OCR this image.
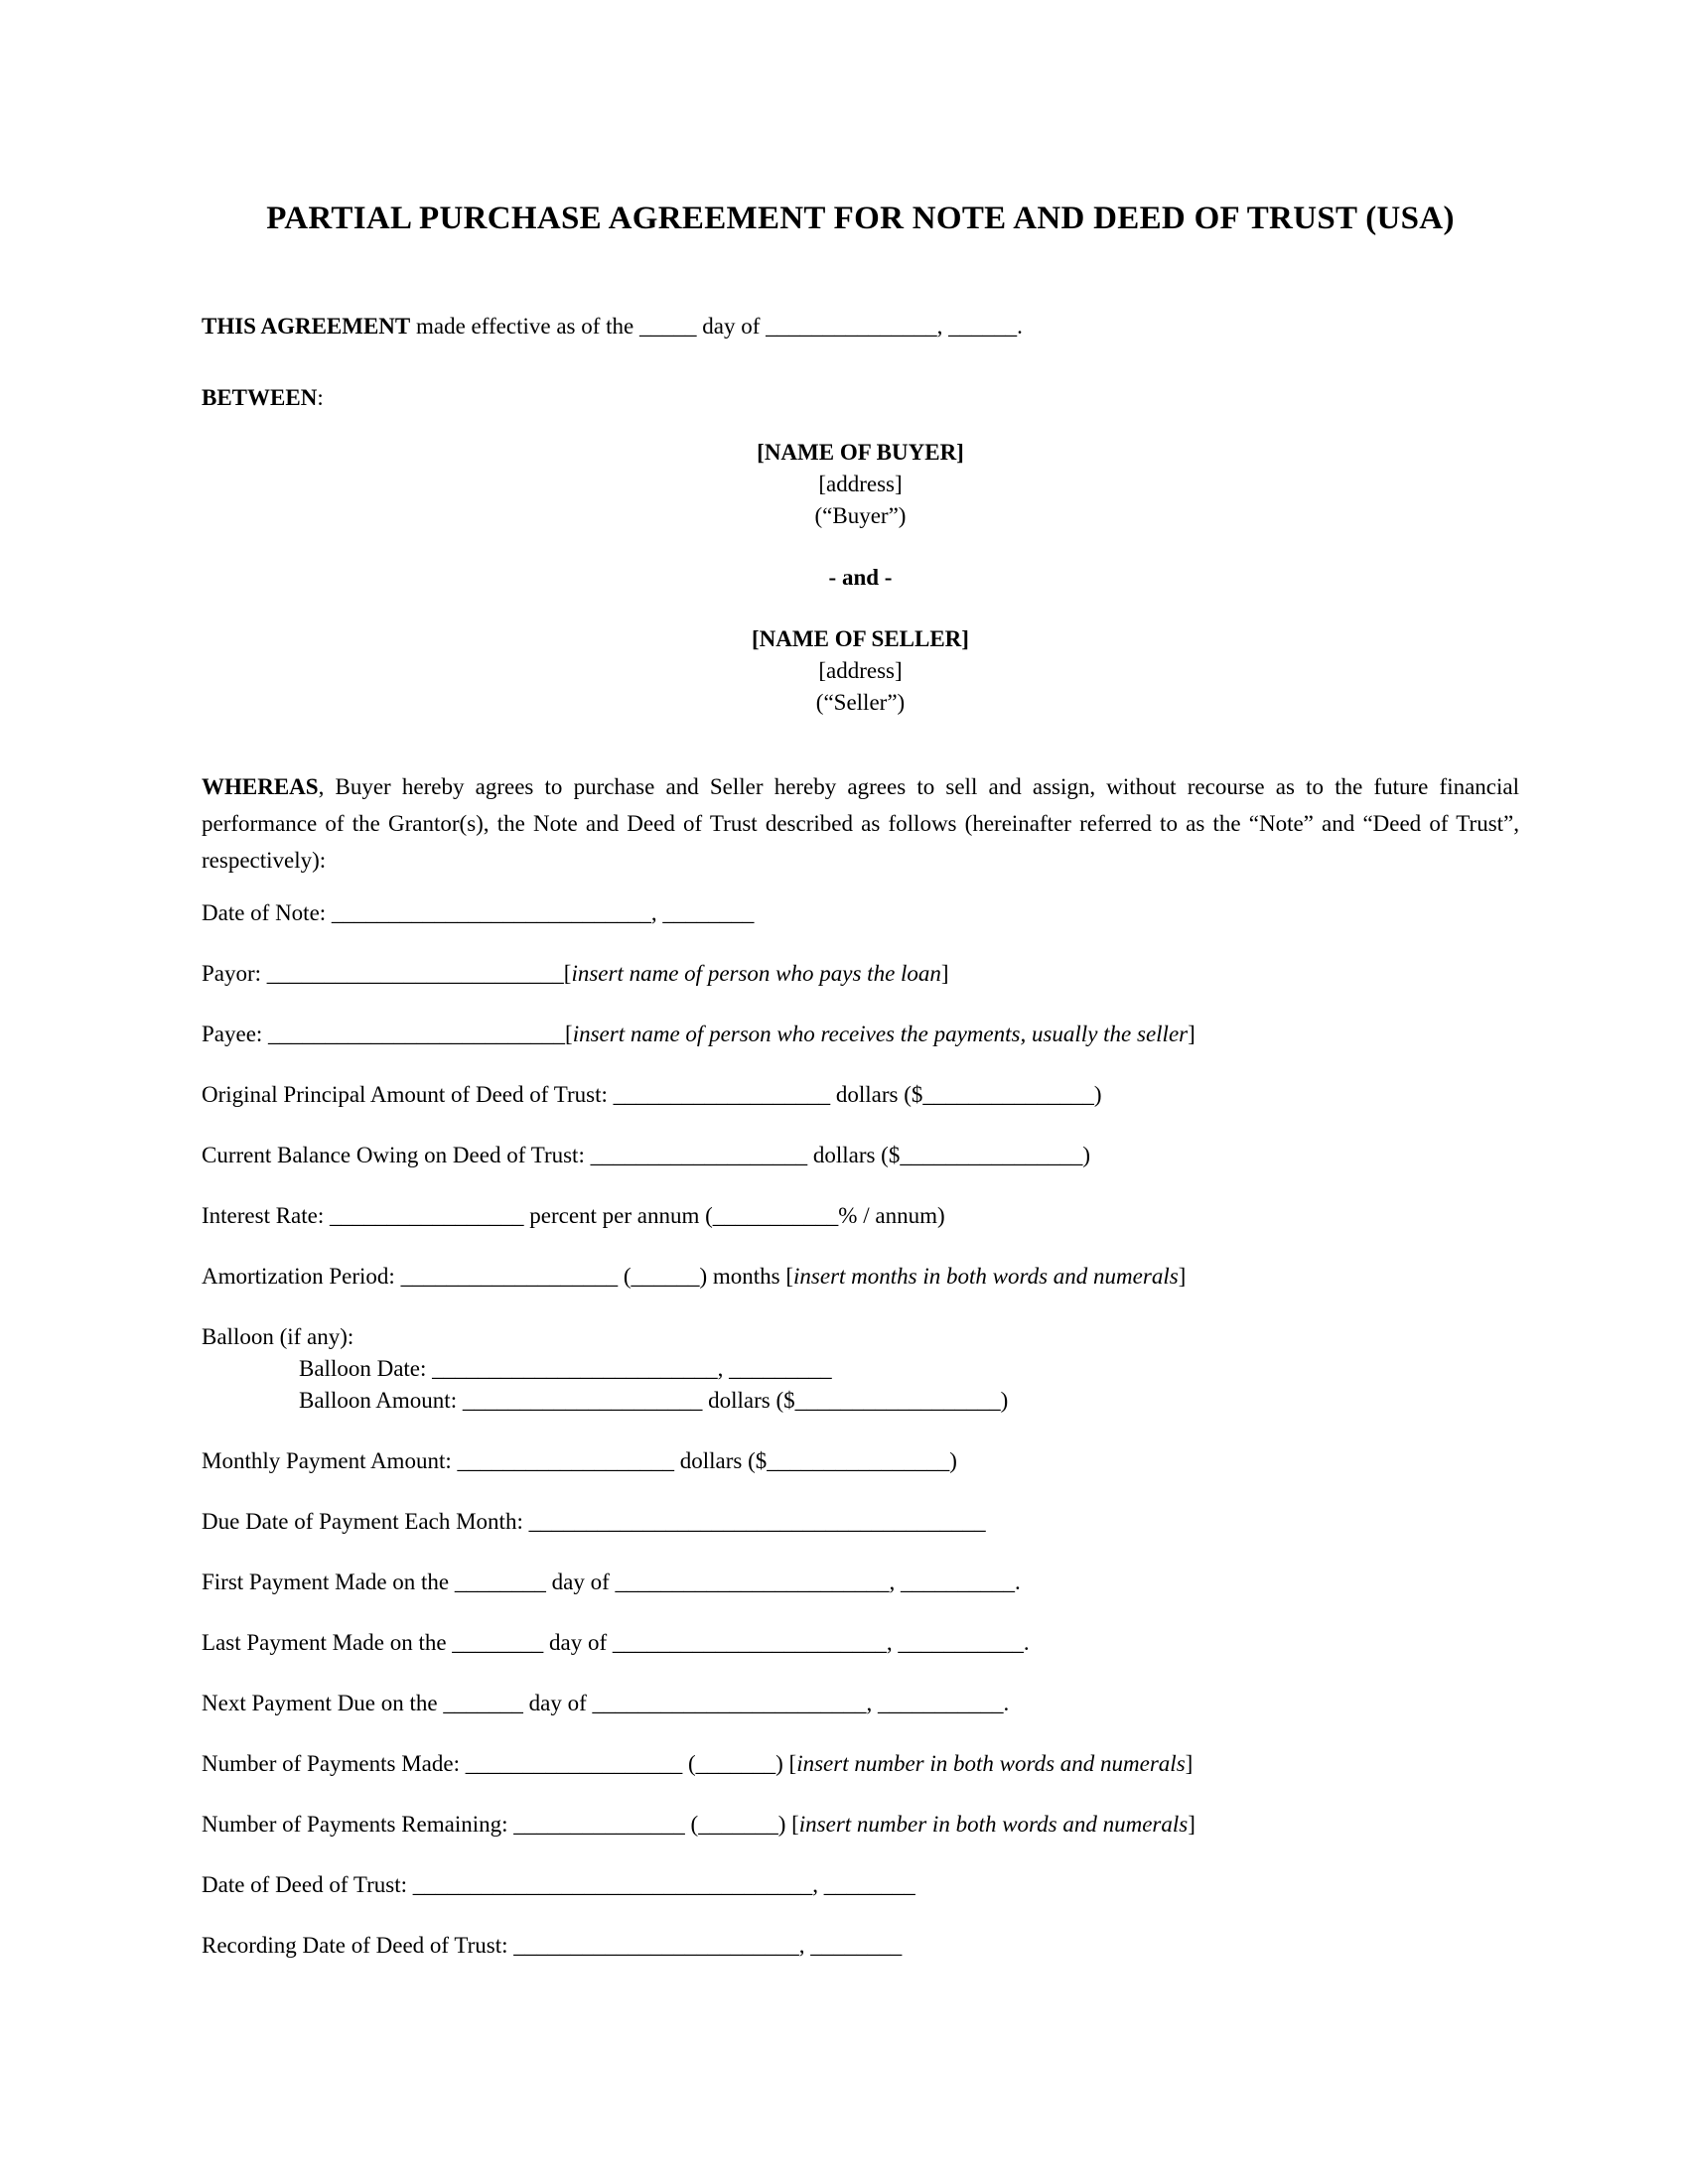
PARTIAL PURCHASE AGREEMENT FOR NOTE AND DEED OF TRUST (USA)

THIS AGREEMENT made effective as of the _____ day of _______________, ______.

BETWEEN:

[NAME OF BUYER]

[address]

(“Buyer”)

- and -

[NAME OF SELLER]

[address]

(“Seller”)

WHEREAS, Buyer hereby agrees to purchase and Seller hereby agrees to sell and assign, without recourse as to the future financial performance of the Grantor(s), the Note and Deed of Trust described as follows (hereinafter referred to as the “Note” and “Deed of Trust”, respectively):

Date of Note: ____________________________, ________

Payor: __________________________[insert name of person who pays the loan]

Payee: __________________________[insert name of person who receives the payments, usually the seller]

Original Principal Amount of Deed of Trust: ___________________ dollars ($_______________)

Current Balance Owing on Deed of Trust: ___________________ dollars ($________________)

Interest Rate: _________________ percent per annum (___________% / annum)

Amortization Period: ___________________ (______) months [insert months in both words and numerals]

Balloon (if any):

Balloon Date: _________________________, _________

Balloon Amount: _____________________ dollars ($__________________)

Monthly Payment Amount: ___________________ dollars ($________________)

Due Date of Payment Each Month: ________________________________________

First Payment Made on the ________ day of ________________________, __________.

Last Payment Made on the ________ day of ________________________, ___________.

Next Payment Due on the _______ day of ________________________, ___________.

Number of Payments Made: ___________________ (_______) [insert number in both words and numerals]

Number of Payments Remaining: _______________ (_______) [insert number in both words and numerals]

Date of Deed of Trust: ___________________________________, ________

Recording Date of Deed of Trust: _________________________, ________
